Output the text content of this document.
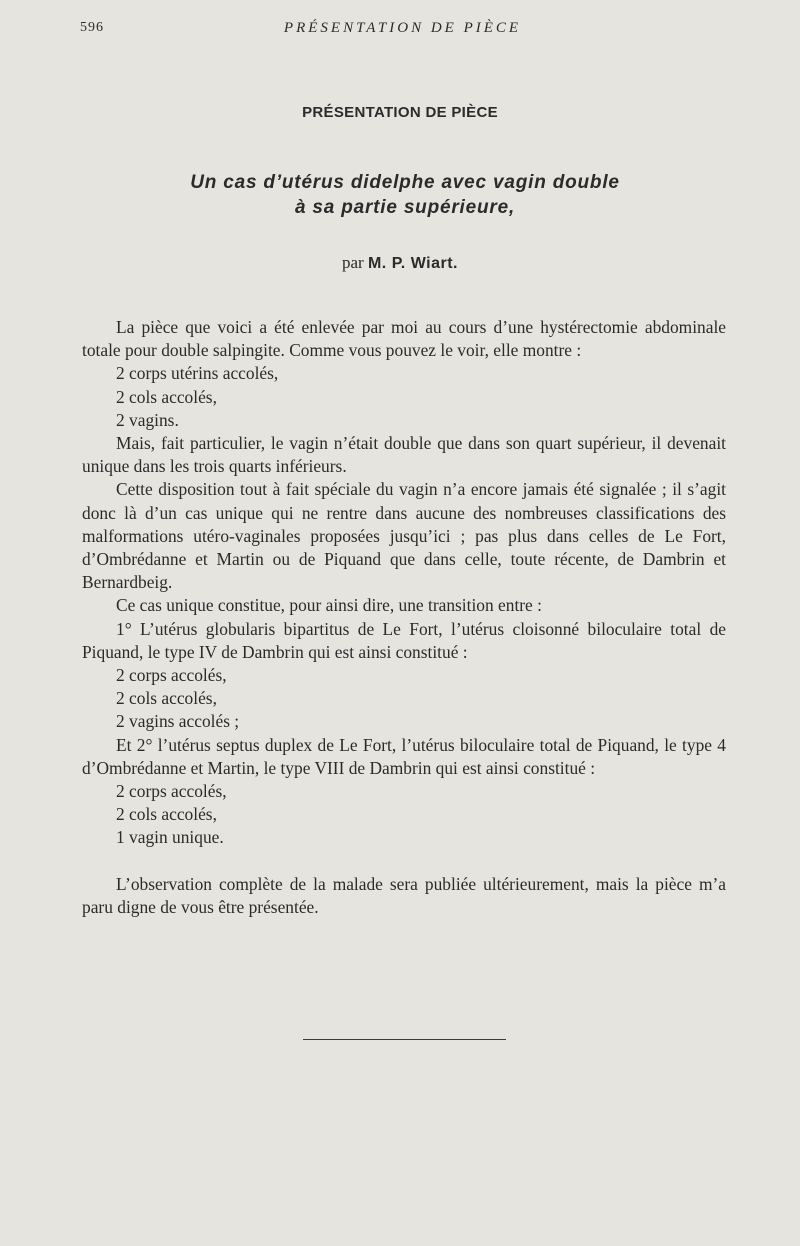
596	PRÉSENTATION DE PIÈCE
PRÉSENTATION DE PIÈCE
Un cas d’utérus didelphe avec vagin double
à sa partie supérieure,
par M. P. Wiart.

La pièce que voici a été enlevée par moi au cours d’une hystérectomie abdominale totale pour double salpingite. Comme vous pouvez le voir, elle montre :

2 corps utérins accolés,

2 cols accolés,

2 vagins.

Mais, fait particulier, le vagin n’était double que dans son quart supérieur, il devenait unique dans les trois quarts inférieurs.

Cette disposition tout à fait spéciale du vagin n’a encore jamais été signalée ; il s’agit donc là d’un cas unique qui ne rentre dans aucune des nombreuses classifications des malformations utéro-vaginales proposées jusqu’ici ; pas plus dans celles de Le Fort, d’Ombrédanne et Martin ou de Piquand que dans celle, toute récente, de Dambrin et Bernardbeig.

Ce cas unique constitue, pour ainsi dire, une transition entre :

1° L’utérus globularis bipartitus de Le Fort, l’utérus cloisonné biloculaire total de Piquand, le type IV de Dambrin qui est ainsi constitué :

2 corps accolés,

2 cols accolés,

2 vagins accolés ;

Et 2° l’utérus septus duplex de Le Fort, l’utérus biloculaire total de Piquand, le type 4 d’Ombrédanne et Martin, le type VIII de Dambrin qui est ainsi constitué :

2 corps accolés,

2 cols accolés,

1 vagin unique.

L’observation complète de la malade sera publiée ultérieurement, mais la pièce m’a paru digne de vous être présentée.
